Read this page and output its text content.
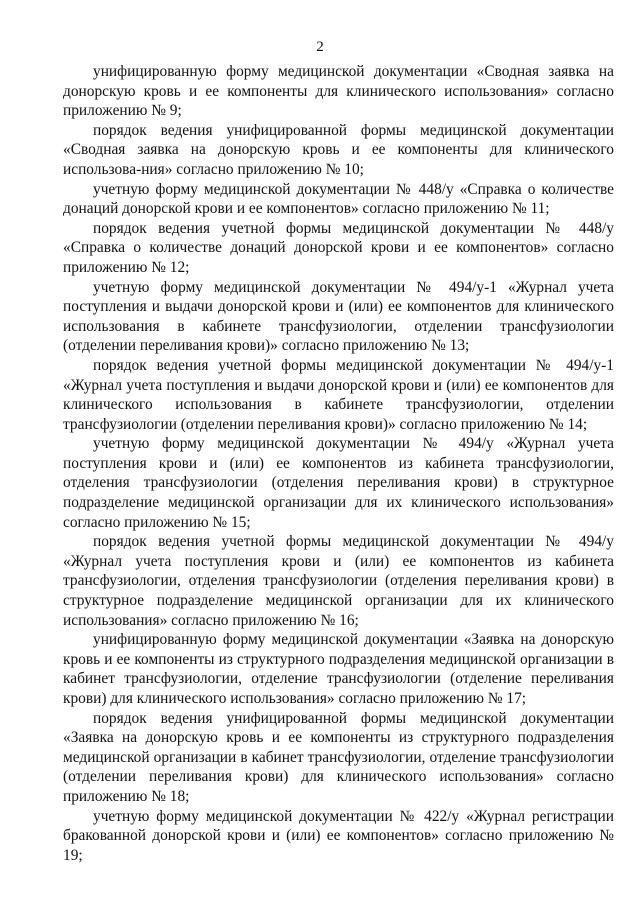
2

унифицированную форму медицинской документации «Сводная заявка на донорскую кровь и ее компоненты для клинического использования» согласно приложению № 9;

порядок ведения унифицированной формы медицинской документации «Сводная заявка на донорскую кровь и ее компоненты для клинического использова-ния» согласно приложению № 10;

учетную форму медицинской документации № 448/у «Справка о количестве донаций донорской крови и ее компонентов» согласно приложению № 11;

порядок ведения учетной формы медицинской документации № 448/у «Справка о количестве донаций донорской крови и ее компонентов» согласно приложению № 12;

учетную форму медицинской документации № 494/у-1 «Журнал учета поступления и выдачи донорской крови и (или) ее компонентов для клинического использования в кабинете трансфузиологии, отделении трансфузиологии (отделении переливания крови)» согласно приложению № 13;

порядок ведения учетной формы медицинской документации № 494/у-1 «Журнал учета поступления и выдачи донорской крови и (или) ее компонентов для клинического использования в кабинете трансфузиологии, отделении трансфузиологии (отделении переливания крови)» согласно приложению № 14;

учетную форму медицинской документации № 494/у «Журнал учета поступления крови и (или) ее компонентов из кабинета трансфузиологии, отделения трансфузиологии (отделения переливания крови) в структурное подразделение медицинской организации для их клинического использования» согласно приложению № 15;

порядок ведения учетной формы медицинской документации № 494/у «Журнал учета поступления крови и (или) ее компонентов из кабинета трансфузиологии, отделения трансфузиологии (отделения переливания крови) в структурное подразделение медицинской организации для их клинического использования» согласно приложению № 16;

унифицированную форму медицинской документации «Заявка на донорскую кровь и ее компоненты из структурного подразделения медицинской организации в кабинет трансфузиологии, отделение трансфузиологии (отделение переливания крови) для клинического использования» согласно приложению № 17;

порядок ведения унифицированной формы медицинской документации «Заявка на донорскую кровь и ее компоненты из структурного подразделения медицинской организации в кабинет трансфузиологии, отделение трансфузиологии (отделении переливания крови) для клинического использования» согласно приложению № 18;

учетную форму медицинской документации № 422/у «Журнал регистрации бракованной донорской крови и (или) ее компонентов» согласно приложению № 19;
